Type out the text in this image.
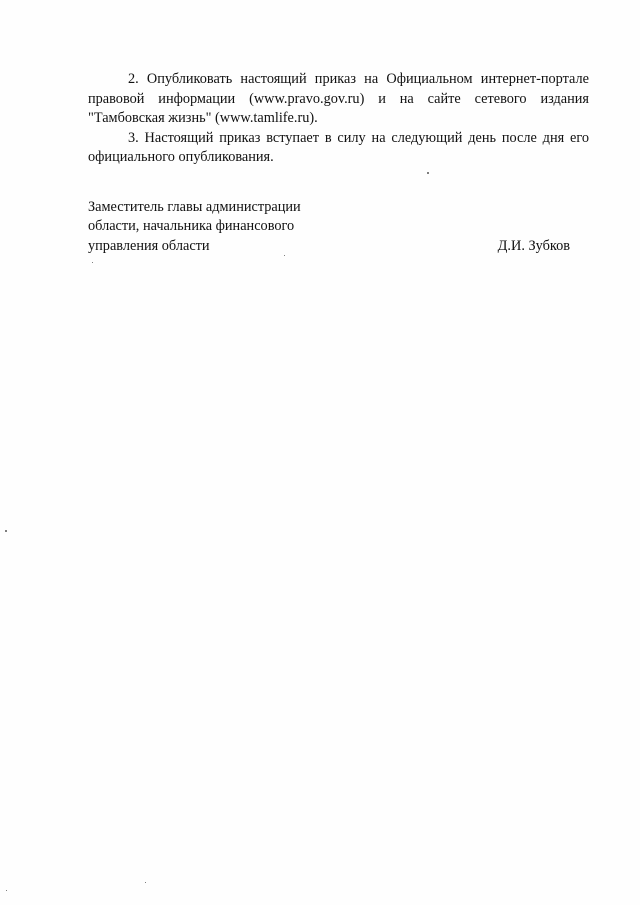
2. Опубликовать настоящий приказ на Официальном интернет-портале
правовой информации (www.pravo.gov.ru) и на сайте сетевого издания
"Тамбовская жизнь" (www.tamlife.ru).
3. Настоящий приказ вступает в силу на следующий день после дня его
официального опубликования.
Заместитель главы администрации
области, начальника финансового
управления области	Д.И. Зубков
